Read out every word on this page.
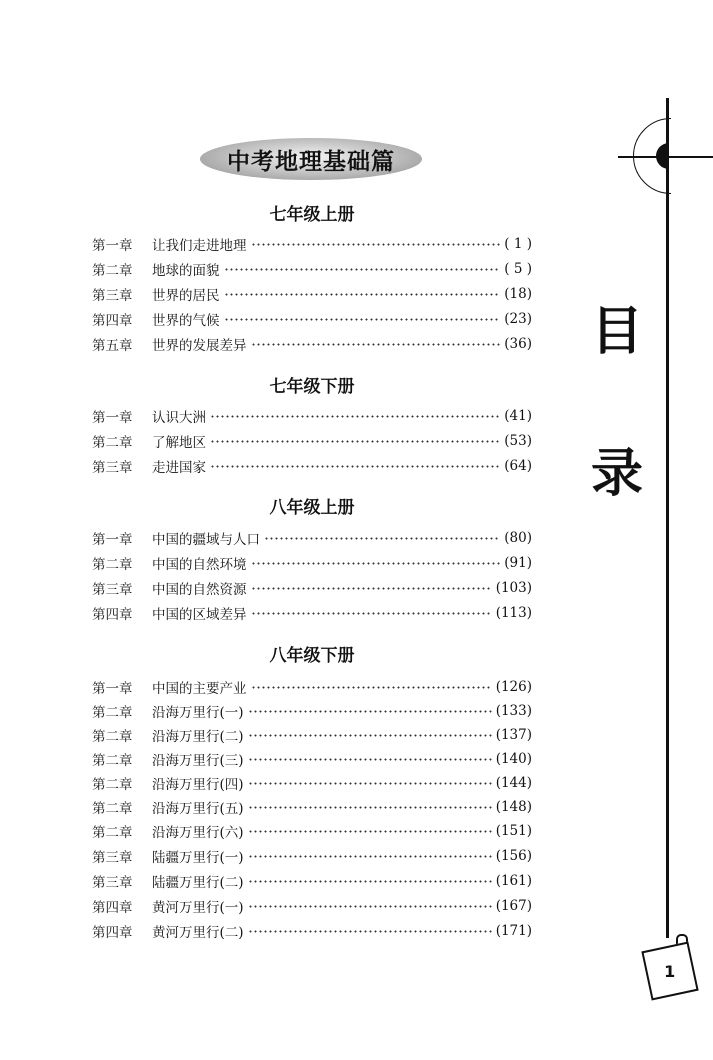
目
录
中考地理基础篇
七年级上册
第一章	让我们走进地理	( 1 )
第二章	地球的面貌	( 5 )
第三章	世界的居民	(18)
第四章	世界的气候	(23)
第五章	世界的发展差异	(36)
七年级下册
第一章	认识大洲	(41)
第二章	了解地区	(53)
第三章	走进国家	(64)
八年级上册
第一章	中国的疆域与人口	(80)
第二章	中国的自然环境	(91)
第三章	中国的自然资源	(103)
第四章	中国的区域差异	(113)
八年级下册
第一章	中国的主要产业	(126)
第二章	沿海万里行(一)	(133)
第二章	沿海万里行(二)	(137)
第二章	沿海万里行(三)	(140)
第二章	沿海万里行(四)	(144)
第二章	沿海万里行(五)	(148)
第二章	沿海万里行(六)	(151)
第三章	陆疆万里行(一)	(156)
第三章	陆疆万里行(二)	(161)
第四章	黄河万里行(一)	(167)
第四章	黄河万里行(二)	(171)
1
